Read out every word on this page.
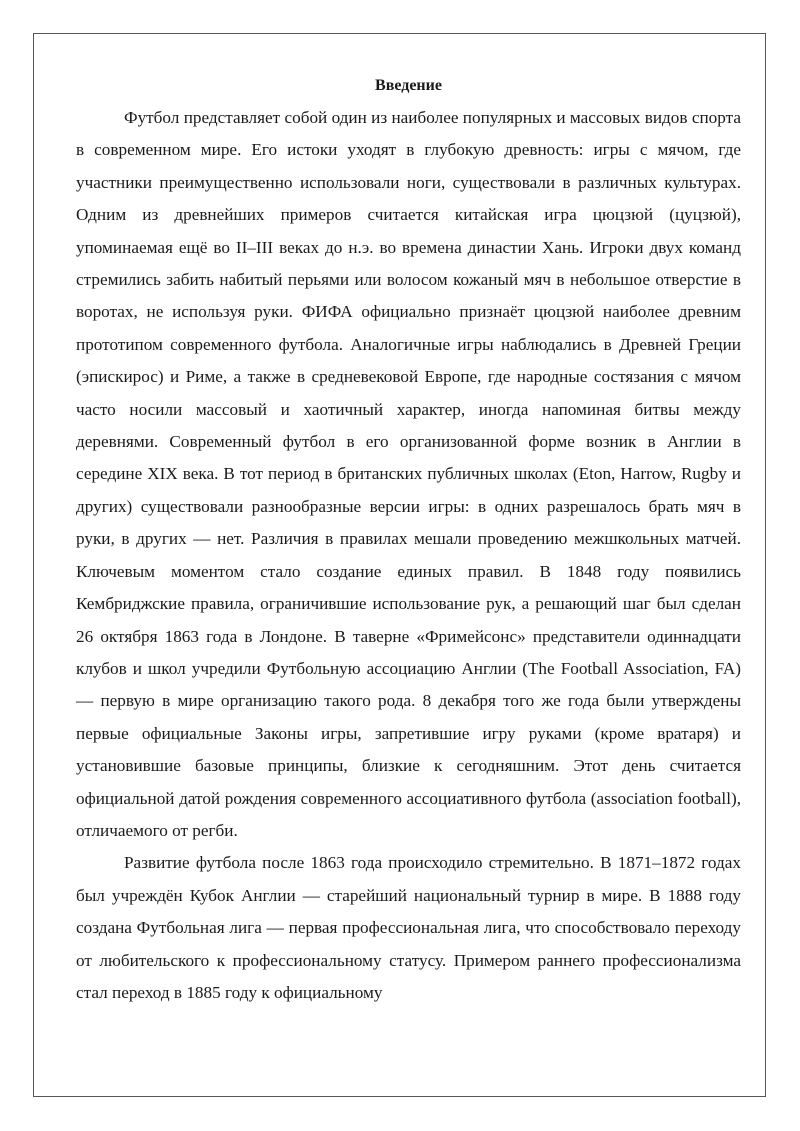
Введение

Футбол представляет собой один из наиболее популярных и массовых видов спорта в современном мире. Его истоки уходят в глубокую древность: игры с мячом, где участники преимущественно использовали ноги, существовали в различных культурах. Одним из древнейших примеров считается китайская игра цюцзюй (цуцзюй), упоминаемая ещё во II–III веках до н.э. во времена династии Хань. Игроки двух команд стремились забить набитый перьями или волосом кожаный мяч в небольшое отверстие в воротах, не используя руки. ФИФА официально признаёт цюцзюй наиболее древним прототипом современного футбола. Аналогичные игры наблюдались в Древней Греции (эпискирос) и Риме, а также в средневековой Европе, где народные состязания с мячом часто носили массовый и хаотичный характер, иногда напоминая битвы между деревнями. Современный футбол в его организованной форме возник в Англии в середине XIX века. В тот период в британских публичных школах (Eton, Harrow, Rugby и других) существовали разнообразные версии игры: в одних разрешалось брать мяч в руки, в других — нет. Различия в правилах мешали проведению межшкольных матчей. Ключевым моментом стало создание единых правил. В 1848 году появились Кембриджские правила, ограничившие использование рук, а решающий шаг был сделан 26 октября 1863 года в Лондоне. В таверне «Фримейсонс» представители одиннадцати клубов и школ учредили Футбольную ассоциацию Англии (The Football Association, FA) — первую в мире организацию такого рода. 8 декабря того же года были утверждены первые официальные Законы игры, запретившие игру руками (кроме вратаря) и установившие базовые принципы, близкие к сегодняшним. Этот день считается официальной датой рождения современного ассоциативного футбола (association football), отличаемого от регби.

Развитие футбола после 1863 года происходило стремительно. В 1871–1872 годах был учреждён Кубок Англии — старейший национальный турнир в мире. В 1888 году создана Футбольная лига — первая профессиональная лига, что способствовало переходу от любительского к профессиональному статусу. Примером раннего профессионализма стал переход в 1885 году к официальному
